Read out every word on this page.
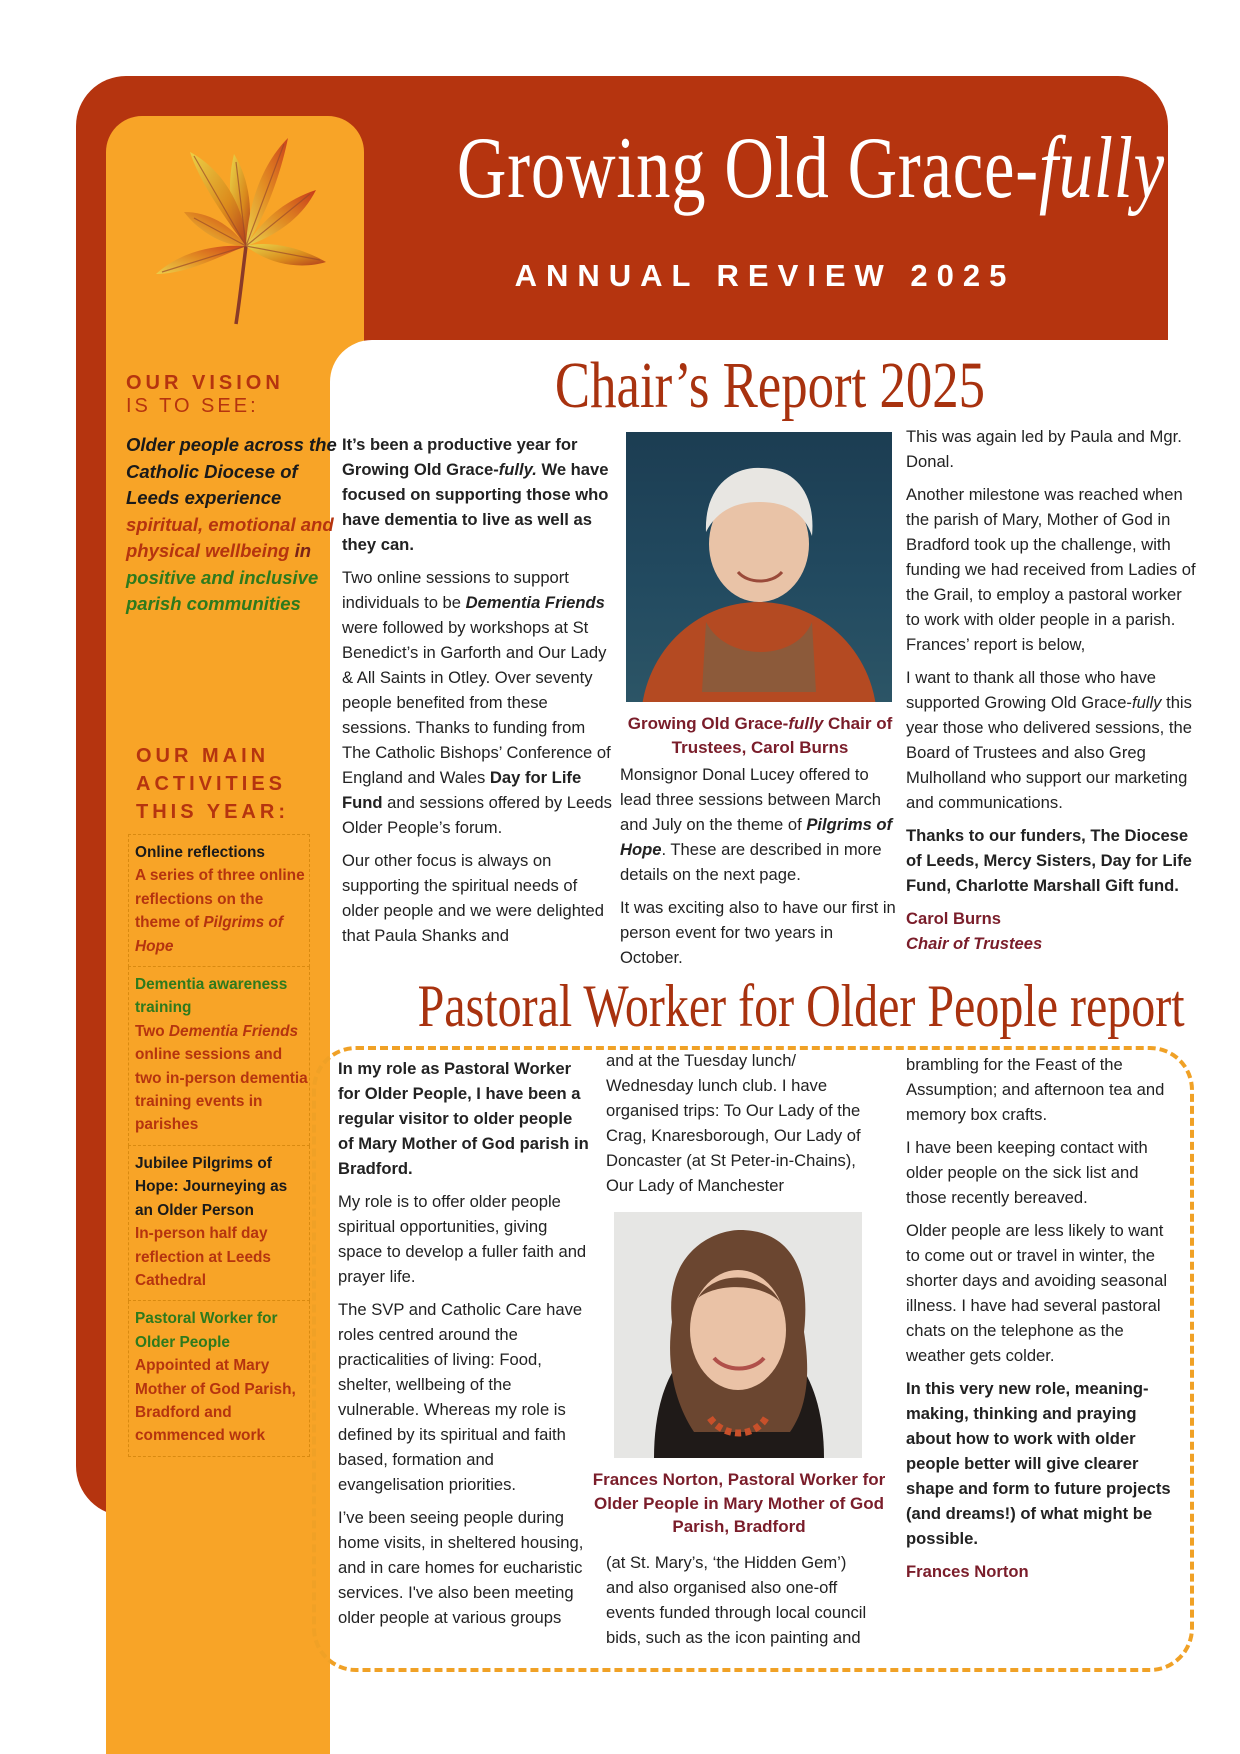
Growing Old Grace-fully
ANNUAL REVIEW 2025
OUR VISION
IS TO SEE:
Older people across the Catholic Diocese of Leeds experience spiritual, emotional and physical wellbeing in positive and inclusive parish communities
OUR MAIN
ACTIVITIES
THIS YEAR:
Online reflections
A series of three online reflections on the theme of Pilgrims of Hope
Dementia awareness training
Two Dementia Friends online sessions and two in-person dementia training events in parishes
Jubilee Pilgrims of Hope: Journeying as an Older Person
In-person half day reflection at Leeds Cathedral
Pastoral Worker for Older People
Appointed at Mary Mother of God Parish, Bradford and commenced work
Chair’s Report 2025

It’s been a productive year for Growing Old Grace-fully. We have focused on supporting those who have dementia to live as well as they can.

Two online sessions to support individuals to be Dementia Friends were followed by workshops at St Benedict’s in Garforth and Our Lady & All Saints in Otley. Over seventy people benefited from these sessions. Thanks to funding from The Catholic Bishops’ Conference of England and Wales Day for Life Fund and sessions offered by Leeds Older People’s forum.

Our other focus is always on supporting the spiritual needs of older people and we were delighted that Paula Shanks and

Growing Old Grace-fully Chair of Trustees, Carol Burns

Monsignor Donal Lucey offered to lead three sessions between March and July on the theme of Pilgrims of Hope. These are described in more details on the next page.

It was exciting also to have our first in person event for two years in October.

This was again led by Paula and Mgr. Donal.

Another milestone was reached when the parish of Mary, Mother of God in Bradford took up the challenge, with funding we had received from Ladies of the Grail, to employ a pastoral worker to work with older people in a parish. Frances’ report is below,

I want to thank all those who have supported Growing Old Grace-fully this year those who delivered sessions, the Board of Trustees and also Greg Mulholland who support our marketing and communications.

Thanks to our funders, The Diocese of Leeds, Mercy Sisters, Day for Life Fund, Charlotte Marshall Gift fund.

Carol Burns

Chair of Trustees

Pastoral Worker for Older People report

In my role as Pastoral Worker for Older People, I have been a regular visitor to older people of Mary Mother of God parish in Bradford.

My role is to offer older people spiritual opportunities, giving space to develop a fuller faith and prayer life.

The SVP and Catholic Care have roles centred around the practicalities of living: Food, shelter, wellbeing of the vulnerable. Whereas my role is defined by its spiritual and faith based, formation and evangelisation priorities.

I’ve been seeing people during home visits, in sheltered housing, and in care homes for eucharistic services. I've also been meeting older people at various groups

and at the Tuesday lunch/ Wednesday lunch club. I have organised trips: To Our Lady of the Crag, Knaresborough, Our Lady of Doncaster (at St Peter-in-Chains), Our Lady of Manchester

Frances Norton, Pastoral Worker for Older People in Mary Mother of God Parish, Bradford

(at St. Mary’s, ‘the Hidden Gem’) and also organised also one-off events funded through local council bids, such as the icon painting and

brambling for the Feast of the Assumption; and afternoon tea and memory box crafts.

I have been keeping contact with older people on the sick list and those recently bereaved.

Older people are less likely to want to come out or travel in winter, the shorter days and avoiding seasonal illness. I have had several pastoral chats on the telephone as the weather gets colder.

In this very new role, meaning-making, thinking and praying about how to work with older people better will give clearer shape and form to future projects (and dreams!) of what might be possible.

Frances Norton
